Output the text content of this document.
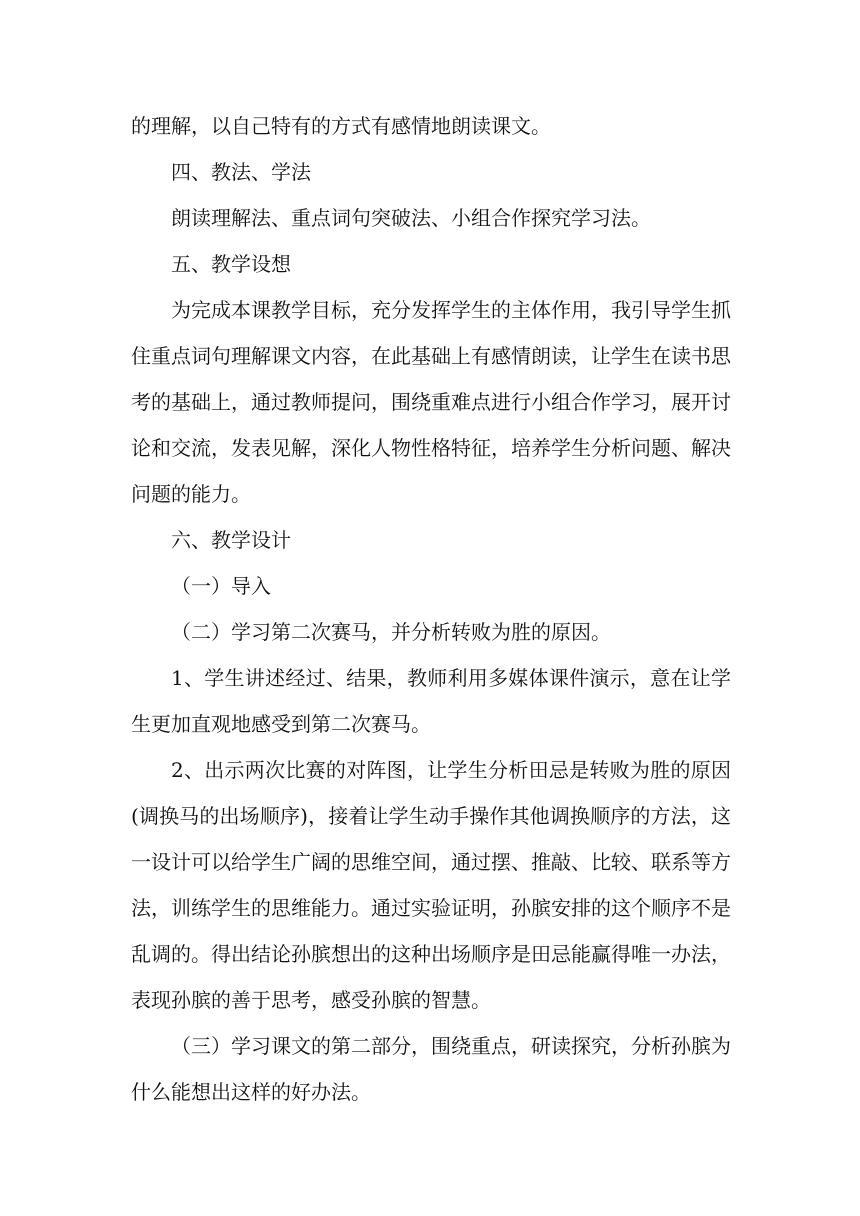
的理解，以自己特有的方式有感情地朗读课文。
四、教法、学法
朗读理解法、重点词句突破法、小组合作探究学习法。
五、教学设想
为完成本课教学目标，充分发挥学生的主体作用，我引导学生抓
住重点词句理解课文内容，在此基础上有感情朗读，让学生在读书思
考的基础上，通过教师提问，围绕重难点进行小组合作学习，展开讨
论和交流，发表见解，深化人物性格特征，培养学生分析问题、解决
问题的能力。
六、教学设计
（一）导入
（二）学习第二次赛马，并分析转败为胜的原因。
1、学生讲述经过、结果，教师利用多媒体课件演示，意在让学
生更加直观地感受到第二次赛马。
2、出示两次比赛的对阵图，让学生分析田忌是转败为胜的原因
(调换马的出场顺序)，接着让学生动手操作其他调换顺序的方法，这
一设计可以给学生广阔的思维空间，通过摆、推敲、比较、联系等方
法，训练学生的思维能力。通过实验证明，孙膑安排的这个顺序不是
乱调的。得出结论孙膑想出的这种出场顺序是田忌能赢得唯一办法，
表现孙膑的善于思考，感受孙膑的智慧。
（三）学习课文的第二部分，围绕重点，研读探究，分析孙膑为
什么能想出这样的好办法。
